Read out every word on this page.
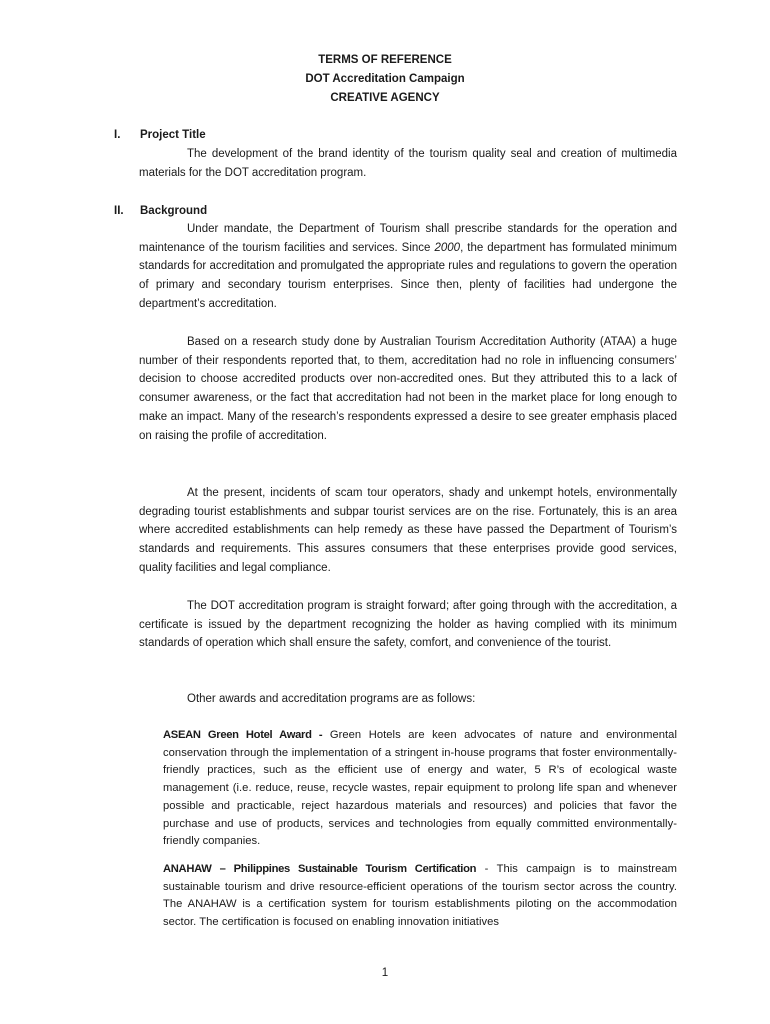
TERMS OF REFERENCE
DOT Accreditation Campaign
CREATIVE AGENCY
I. Project Title

The development of the brand identity of the tourism quality seal and creation of multimedia materials for the DOT accreditation program.

II. Background

Under mandate, the Department of Tourism shall prescribe standards for the operation and maintenance of the tourism facilities and services. Since 2000, the department has formulated minimum standards for accreditation and promulgated the appropriate rules and regulations to govern the operation of primary and secondary tourism enterprises. Since then, plenty of facilities had undergone the department’s accreditation.

Based on a research study done by Australian Tourism Accreditation Authority (ATAA) a huge number of their respondents reported that, to them, accreditation had no role in influencing consumers’ decision to choose accredited products over non-accredited ones. But they attributed this to a lack of consumer awareness, or the fact that accreditation had not been in the market place for long enough to make an impact. Many of the research’s respondents expressed a desire to see greater emphasis placed on raising the profile of accreditation.

At the present, incidents of scam tour operators, shady and unkempt hotels, environmentally degrading tourist establishments and subpar tourist services are on the rise. Fortunately, this is an area where accredited establishments can help remedy as these have passed the Department of Tourism’s standards and requirements. This assures consumers that these enterprises provide good services, quality facilities and legal compliance.

The DOT accreditation program is straight forward; after going through with the accreditation, a certificate is issued by the department recognizing the holder as having complied with its minimum standards of operation which shall ensure the safety, comfort, and convenience of the tourist.

Other awards and accreditation programs are as follows:

ASEAN Green Hotel Award - Green Hotels are keen advocates of nature and environmental conservation through the implementation of a stringent in-house programs that foster environmentally- friendly practices, such as the efficient use of energy and water, 5 R’s of ecological waste management (i.e. reduce, reuse, recycle wastes, repair equipment to prolong life span and whenever possible and practicable, reject hazardous materials and resources) and policies that favor the purchase and use of products, services and technologies from equally committed environmentally-friendly companies.
ANAHAW – Philippines Sustainable Tourism Certification - This campaign is to mainstream sustainable tourism and drive resource-efficient operations of the tourism sector across the country. The ANAHAW is a certification system for tourism establishments piloting on the accommodation sector. The certification is focused on enabling innovation initiatives
1
